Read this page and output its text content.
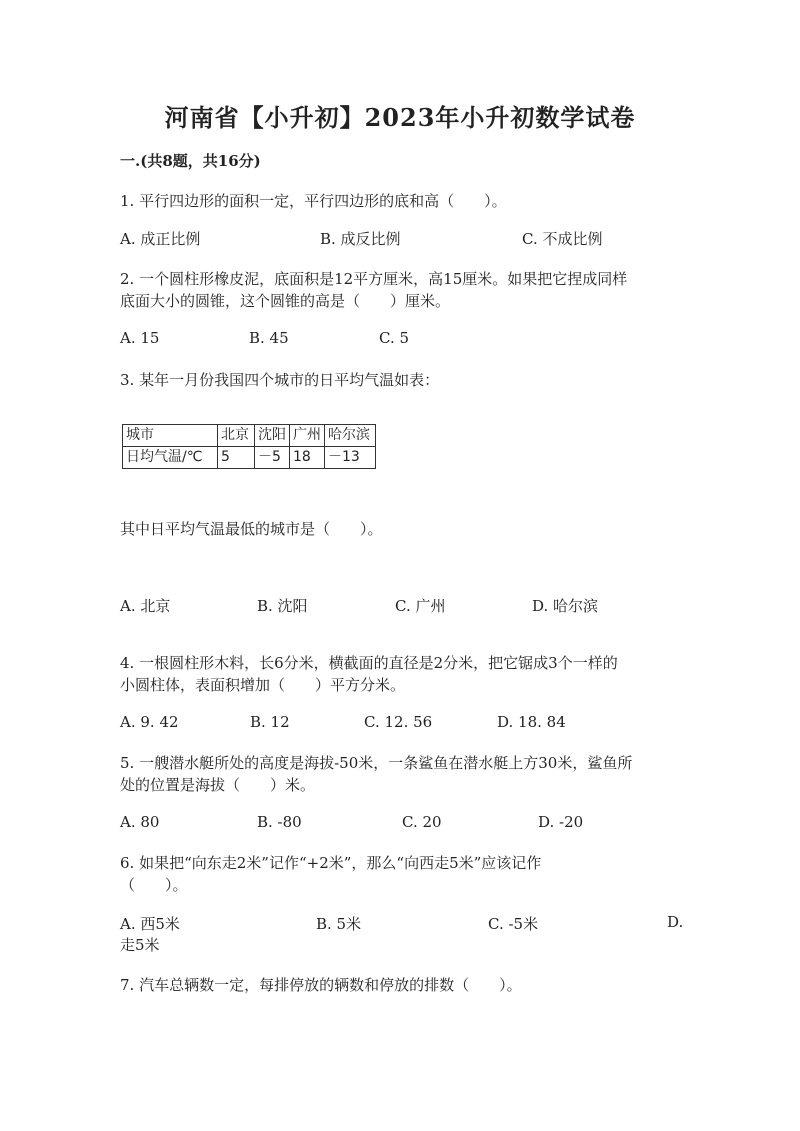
河南省【小升初】2023年小升初数学试卷
一.(共8题，共16分)
1. 平行四边形的面积一定，平行四边形的底和高（　　）。
A. 成正比例	B. 成反比例	C. 不成比例
2. 一个圆柱形橡皮泥，底面积是12平方厘米，高15厘米。如果把它捏成同样
底面大小的圆锥，这个圆锥的高是（　　）厘米。
A. 15	B. 45	C. 5
3. 某年一月份我国四个城市的日平均气温如表：
城市	北京	沈阳	广州	哈尔滨
日均气温/℃	5	－5	18	－13
其中日平均气温最低的城市是（　　）。
A. 北京	B. 沈阳	C. 广州	D. 哈尔滨
4. 一根圆柱形木料，长6分米，横截面的直径是2分米，把它锯成3个一样的
小圆柱体，表面积增加（　　）平方分米。
A. 9. 42	B. 12	C. 12. 56	D. 18. 84
5. 一艘潜水艇所处的高度是海拔-50米，一条鲨鱼在潜水艇上方30米，鲨鱼所
处的位置是海拔（　　）米。
A. 80	B. -80	C. 20	D. -20
6. 如果把“向东走2米”记作“+2米”，那么“向西走5米”应该记作
（　　）。
A. 西5米	B. 5米	C. -5米	D.
走5米
7. 汽车总辆数一定，每排停放的辆数和停放的排数（　　）。
